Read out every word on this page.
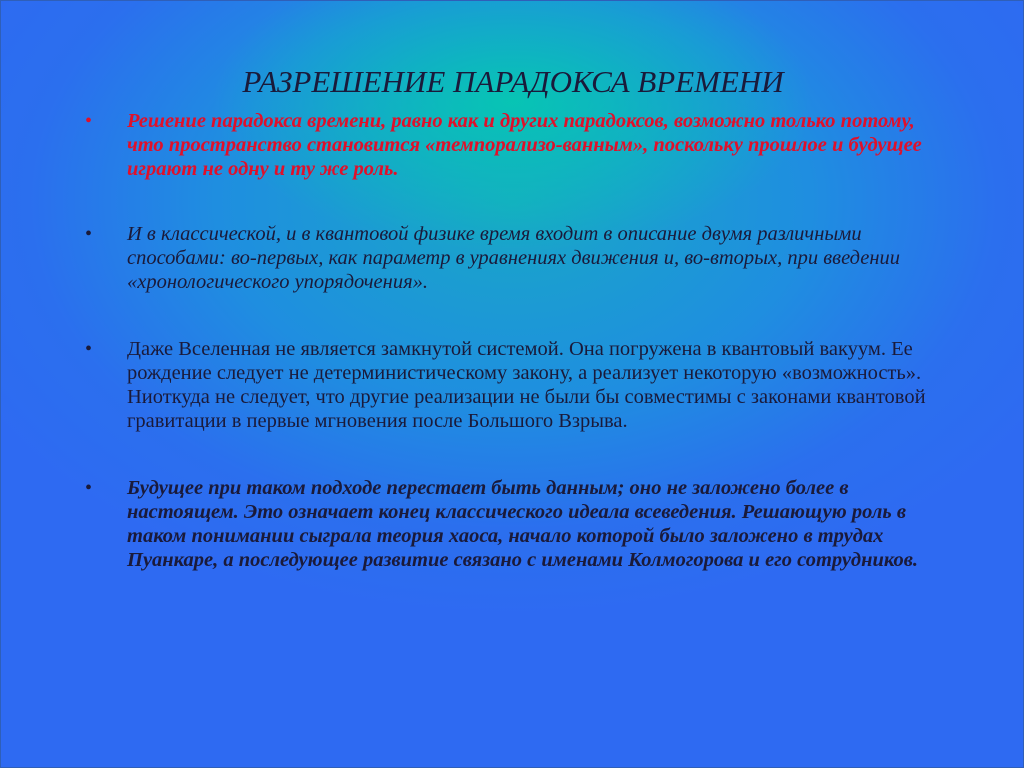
РАЗРЕШЕНИЕ ПАРАДОКСА ВРЕМЕНИ
•	Решение парадокса времени, равно как и других парадоксов, возможно только потому, что пространство становится «темпорализо-ванным», поскольку прошлое и будущее играют не одну и ту же роль.
•	И в классической, и в квантовой физике время входит в описание двумя различными способами: во-первых, как параметр в уравнениях движения и, во-вторых, при введении «хронологического упорядочения».
•	Даже Вселенная не является замкнутой системой. Она погружена в квантовый вакуум. Ее рождение следует не детерминистическому закону, а реализует некоторую «возможность». Ниоткуда не следует, что другие реализации не были бы совместимы с законами квантовой гравитации в первые мгновения после Большого Взрыва.
•	Будущее при таком подходе перестает быть данным; оно не заложено более в настоящем. Это означает конец классического идеала всеведения. Решающую роль в таком понимании сыграла теория хаоса, начало которой было заложено в трудах Пуанкаре, а последующее развитие связано с именами Колмогорова и его сотрудников.
